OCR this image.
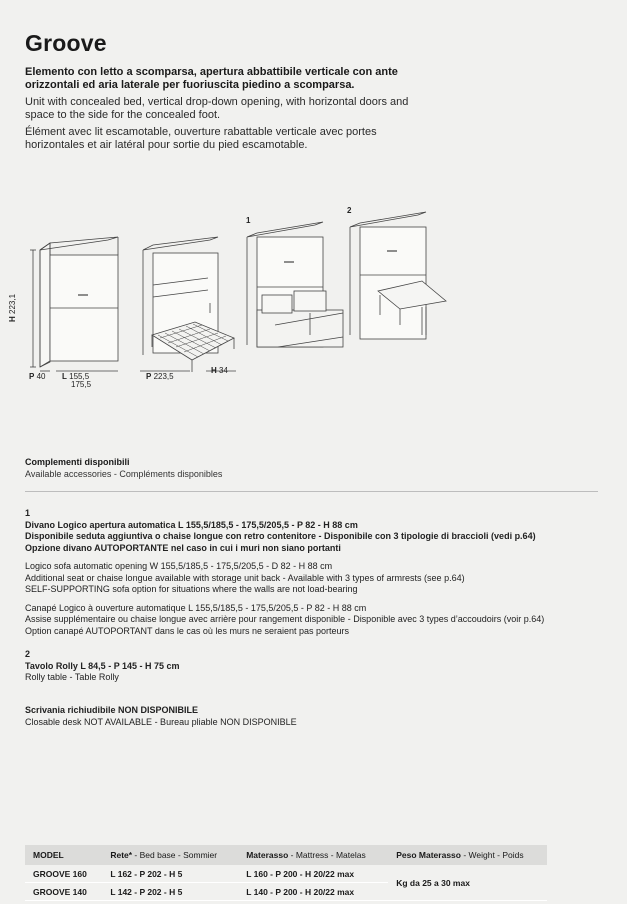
Groove
Elemento con letto a scomparsa, apertura abbattibile verticale con ante orizzontali ed aria laterale per fuoriuscita piedino a scomparsa.
Unit with concealed bed, vertical drop-down opening, with horizontal doors and space to the side for the concealed foot.
Élément avec lit escamotable, ouverture rabattable verticale avec portes horizontales et air latéral pour sortie du pied escamotable.
1
2
H 223,1
P 40 L 155,5
175,5
P 223,5
H 34
Complementi disponibili
Available accessories - Compléments disponibles
1
Divano Logico apertura automatica L 155,5/185,5 - 175,5/205,5 - P 82 - H 88 cm
Disponibile seduta aggiuntiva o chaise longue con retro contenitore - Disponibile con 3 tipologie di braccioli (vedi p.64)
Opzione divano AUTOPORTANTE nel caso in cui i muri non siano portanti
Logico sofa automatic opening W 155,5/185,5 - 175,5/205,5 - D 82 - H 88 cm
Additional seat or chaise longue available with storage unit back - Available with 3 types of armrests (see p.64)
SELF-SUPPORTING sofa option for situations where the walls are not load-bearing
Canapé Logico à ouverture automatique L 155,5/185,5 - 175,5/205,5 - P 82 - H 88 cm
Assise supplémentaire ou chaise longue avec arrière pour rangement disponible - Disponible avec 3 types d’accoudoirs (voir p.64)
Option canapé AUTOPORTANT dans le cas où les murs ne seraient pas porteurs
2
Tavolo Rolly L 84,5 - P 145 - H 75 cm
Rolly table - Table Rolly
Scrivania richiudibile NON DISPONIBILE
Closable desk NOT AVAILABLE - Bureau pliable NON DISPONIBLE
MODEL	Rete* - Bed base - Sommier	Materasso - Mattress - Matelas	Peso Materasso - Weight - Poids
GROOVE 160	L 162 - P 202 - H 5	L 160 - P 200 - H 20/22 max	Kg da 25 a 30 max
GROOVE 140	L 142 - P 202 - H 5	L 140 - P 200 - H 20/22 max	
